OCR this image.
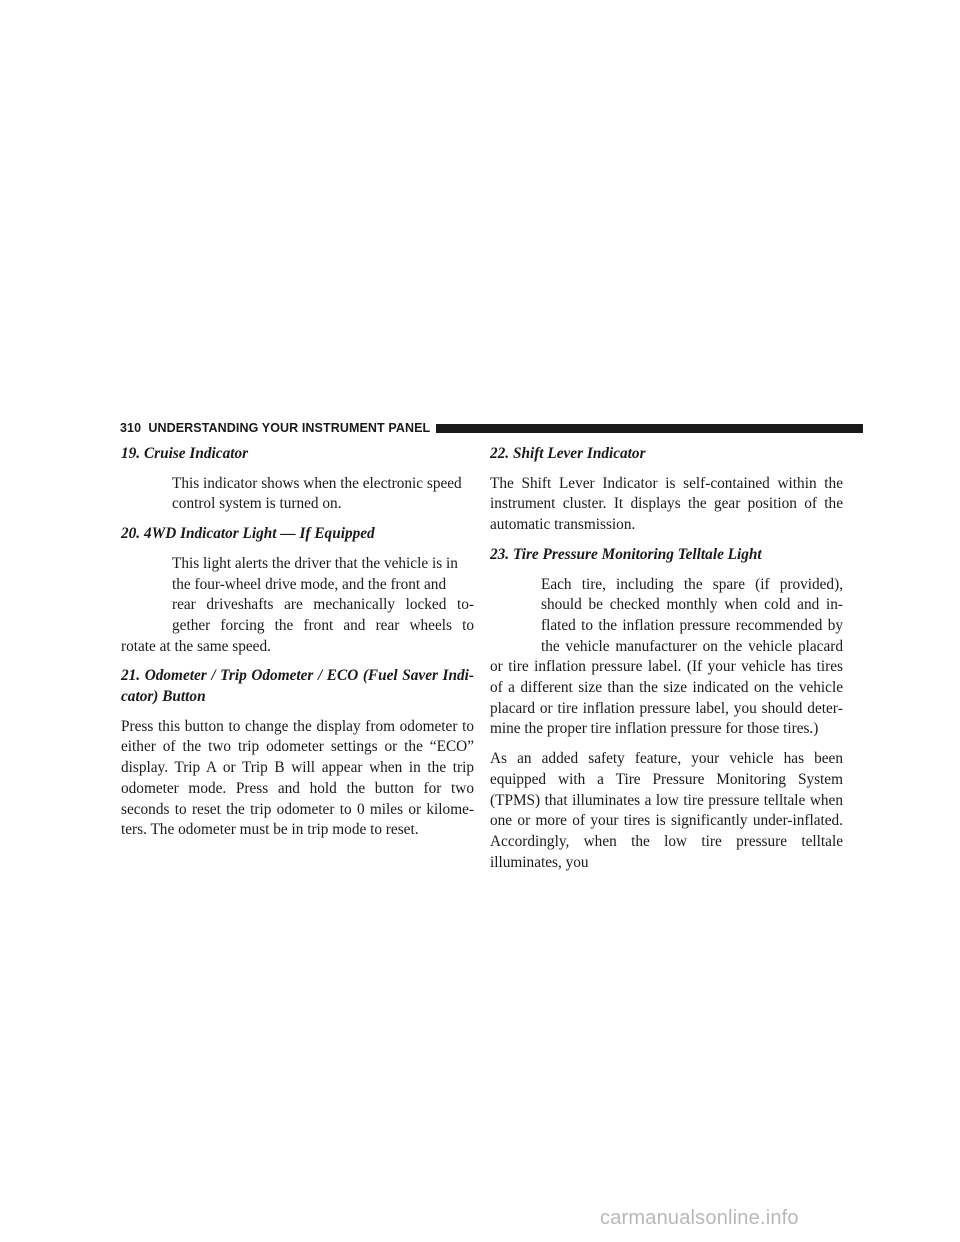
310 UNDERSTANDING YOUR INSTRUMENT PANEL
19. Cruise Indicator
This indicator shows when the electronic speed
control system is turned on.
20. 4WD Indicator Light — If Equipped
This light alerts the driver that the vehicle is in
the four-wheel drive mode, and the front and
rear driveshafts are mechanically locked to-
gether forcing the front and rear wheels to
rotate at the same speed.
21. Odometer / Trip Odometer / ECO (Fuel Saver Indi-
cator) Button
Press this button to change the display from odometer to either of the two trip odometer settings or the “ECO” display. Trip A or Trip B will appear when in the trip odometer mode. Press and hold the button for two seconds to reset the trip odometer to 0 miles or kilometers. The odometer must be in trip mode to reset.
22. Shift Lever Indicator
The Shift Lever Indicator is self-contained within the instrument cluster. It displays the gear position of the automatic transmission.
23. Tire Pressure Monitoring Telltale Light
Each tire, including the spare (if provided),
should be checked monthly when cold and in-
flated to the inflation pressure recommended by
the vehicle manufacturer on the vehicle placard
or tire inflation pressure label. (If your vehicle has tires of a different size than the size indicated on the vehicle placard or tire inflation pressure label, you should determine the proper tire inflation pressure for those tires.)
As an added safety feature, your vehicle has been equipped with a Tire Pressure Monitoring System (TPMS) that illuminates a low tire pressure telltale when one or more of your tires is significantly under-inflated. Accordingly, when the low tire pressure telltale illuminates, you
carmanualsonline.info
